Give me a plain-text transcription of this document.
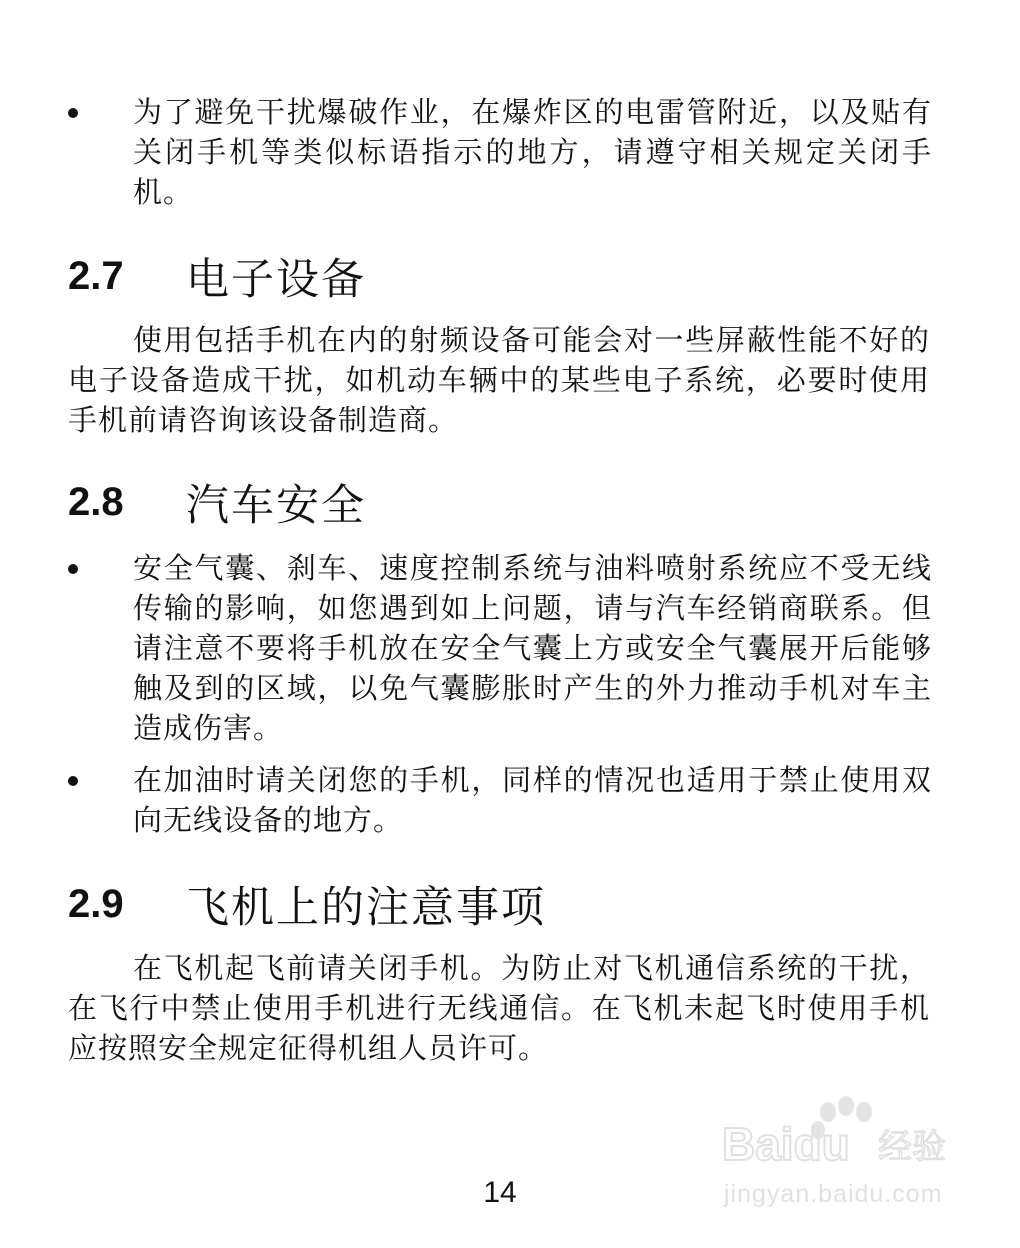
为了避免干扰爆破作业，在爆炸区的电雷管附近，以及贴有关闭手机等类似标语指示的地方，请遵守相关规定关闭手机。
2.7	电子设备
使用包括手机在内的射频设备可能会对一些屏蔽性能不好的电子设备造成干扰，如机动车辆中的某些电子系统，必要时使用手机前请咨询该设备制造商。
2.8	汽车安全
安全气囊、刹车、速度控制系统与油料喷射系统应不受无线传输的影响，如您遇到如上问题，请与汽车经销商联系。但请注意不要将手机放在安全气囊上方或安全气囊展开后能够触及到的区域，以免气囊膨胀时产生的外力推动手机对车主造成伤害。
在加油时请关闭您的手机，同样的情况也适用于禁止使用双向无线设备的地方。
2.9	飞机上的注意事项
在飞机起飞前请关闭手机。为防止对飞机通信系统的干扰，在飞行中禁止使用手机进行无线通信。在飞机未起飞时使用手机应按照安全规定征得机组人员许可。
14
Baidu 经验
jingyan.baidu.com
